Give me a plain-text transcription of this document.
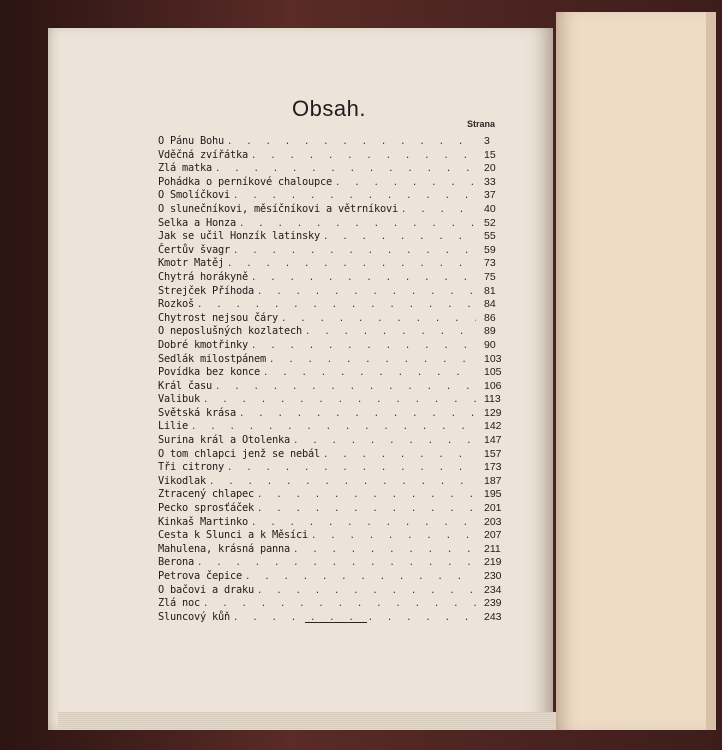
Obsah.
Strana
O Pánu Bohu . . .	3
Vděčná zvířátka . . .	15
Zlá matka . . .	20
Pohádka o perníkové chaloupce . . .	33
O Smolíčkovi . . .	37
O slunečníkovi, měsíčníkovi a větrníkovi . . .	40
Selka a Honza . . .	52
Jak se učil Honzík latinsky . . .	55
Čertův švagr . . .	59
Kmotr Matěj . . .	73
Chytrá horákyně . . .	75
Strejček Příhoda . . .	81
Rozkoš . . .	84
Chytrost nejsou čáry . . .	86
O neposlušných kozlatech . . .	89
Dobré kmotřinky . . .	90
Sedlák milostpánem . . .	103
Povídka bez konce . . .	105
Král času . . .	106
Valibuk . . .	113
Světská krása . . .	129
Lilie . . .	142
Surina král a Otolenka . . .	147
O tom chlapci jenž se nebál . . .	157
Tři citrony . . .	173
Vikodlak . . .	187
Ztracený chlapec . . .	195
Pecko sprosťáček . . .	201
Kinkaš Martinko . . .	203
Cesta k Slunci a k Měsíci . . .	207
Mahulena, krásná panna . . .	211
Berona . . .	219
Petrova čepice . . .	230
O bačovi a draku . . .	234
Zlá noc . . .	239
Sluncový kůň . . .	243
